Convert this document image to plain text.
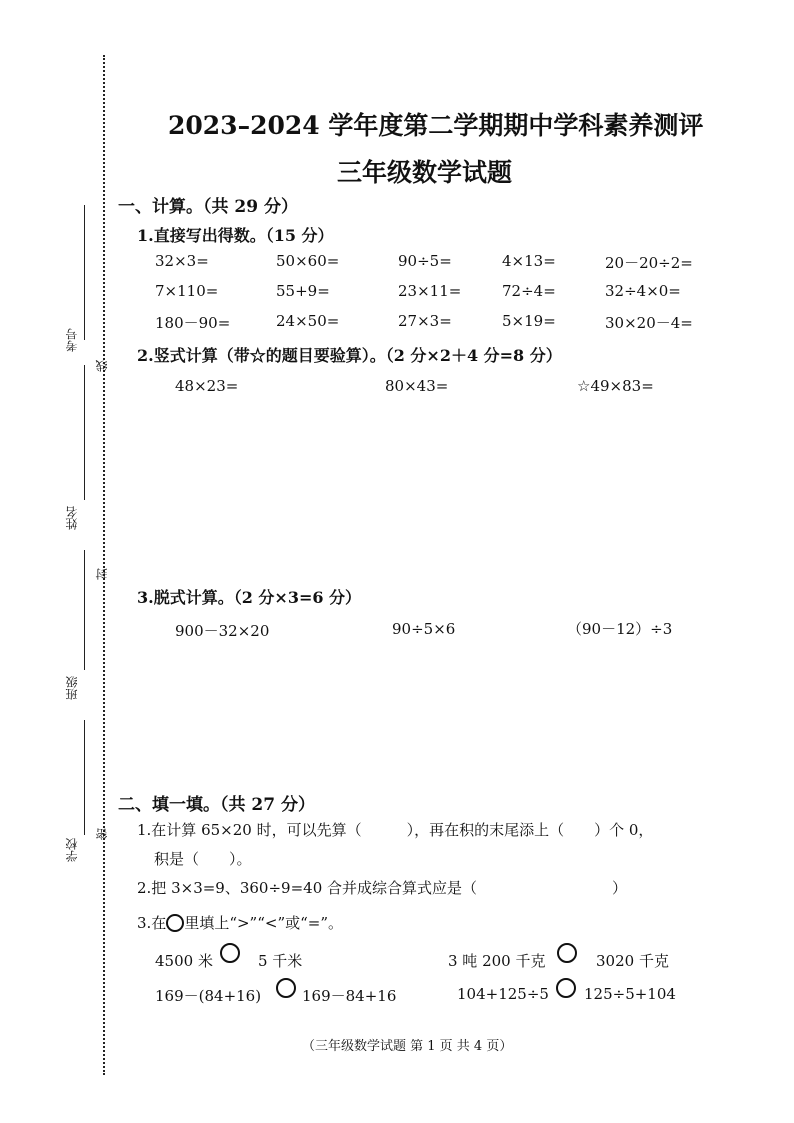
考号
线
姓名
封
班级
学校
密
2023–2024 学年度第二学期期中学科素养测评
三年级数学试题
一、计算。（共 29 分）
1.直接写出得数。（15 分）
32×3=	50×60=	90÷5=	4×13=	20－20÷2=
7×110=	55+9=	23×11=	72÷4=	32÷4×0=
180－90=	24×50=	27×3=	5×19=	30×20－4=
2.竖式计算（带☆的题目要验算）。（2 分×2＋4 分=8 分）
48×23=	80×43=	☆49×83=
3.脱式计算。（2 分×3=6 分）
900－32×20	90÷5×6	（90－12）÷3
二、填一填。（共 27 分）
1.在计算 65×20 时，可以先算（　　　），再在积的末尾添上（　　）个 0，
积是（　　）。
2.把 3×3=9、360÷9=40 合并成综合算式应是（　　　　　　　　　）
3.在 里填上“>”“<”或“=”。
4500 米	5 千米	3 吨 200 千克	3020 千克
169－(84+16)	169－84+16	104+125÷5 125÷5+104
（三年级数学试题 第 1 页 共 4 页）
